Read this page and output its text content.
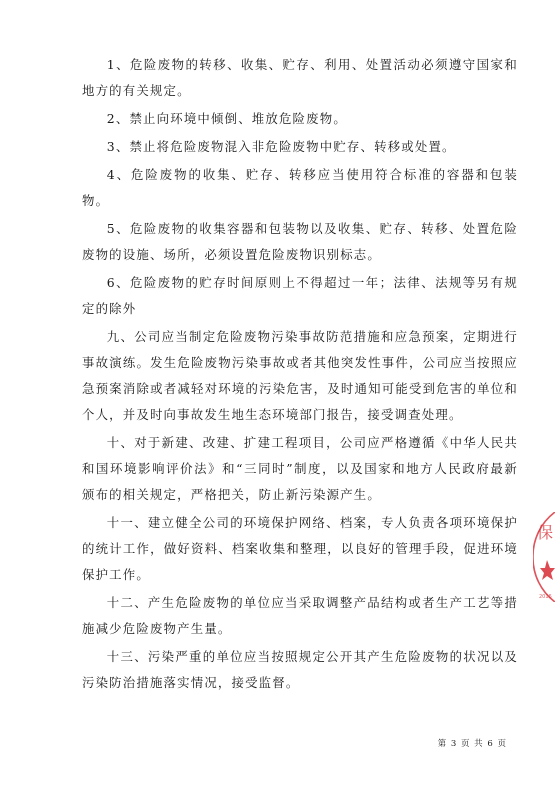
1、危险废物的转移、收集、贮存、利用、处置活动必须遵守国家和地方的有关规定。

2、禁止向环境中倾倒、堆放危险废物。

3、禁止将危险废物混入非危险废物中贮存、转移或处置。

4、危险废物的收集、贮存、转移应当使用符合标准的容器和包装物。

5、危险废物的收集容器和包装物以及收集、贮存、转移、处置危险废物的设施、场所，必须设置危险废物识别标志。

6、危险废物的贮存时间原则上不得超过一年；法律、法规等另有规定的除外

九、公司应当制定危险废物污染事故防范措施和应急预案，定期进行事故演练。发生危险废物污染事故或者其他突发性事件，公司应当按照应急预案消除或者减轻对环境的污染危害，及时通知可能受到危害的单位和个人，并及时向事故发生地生态环境部门报告，接受调查处理。

十、对于新建、改建、扩建工程项目，公司应严格遵循《中华人民共和国环境影响评价法》和“三同时”制度，以及国家和地方人民政府最新颁布的相关规定，严格把关，防止新污染源产生。

十一、建立健全公司的环境保护网络、档案，专人负责各项环境保护的统计工作，做好资料、档案收集和整理，以良好的管理手段，促进环境保护工作。

十二、产生危险废物的单位应当采取调整产品结构或者生产工艺等措施减少危险废物产生量。

十三、污染严重的单位应当按照规定公开其产生危险废物的状况以及污染防治措施落实情况，接受监督。

保
2016
第 3 页 共 6 页
